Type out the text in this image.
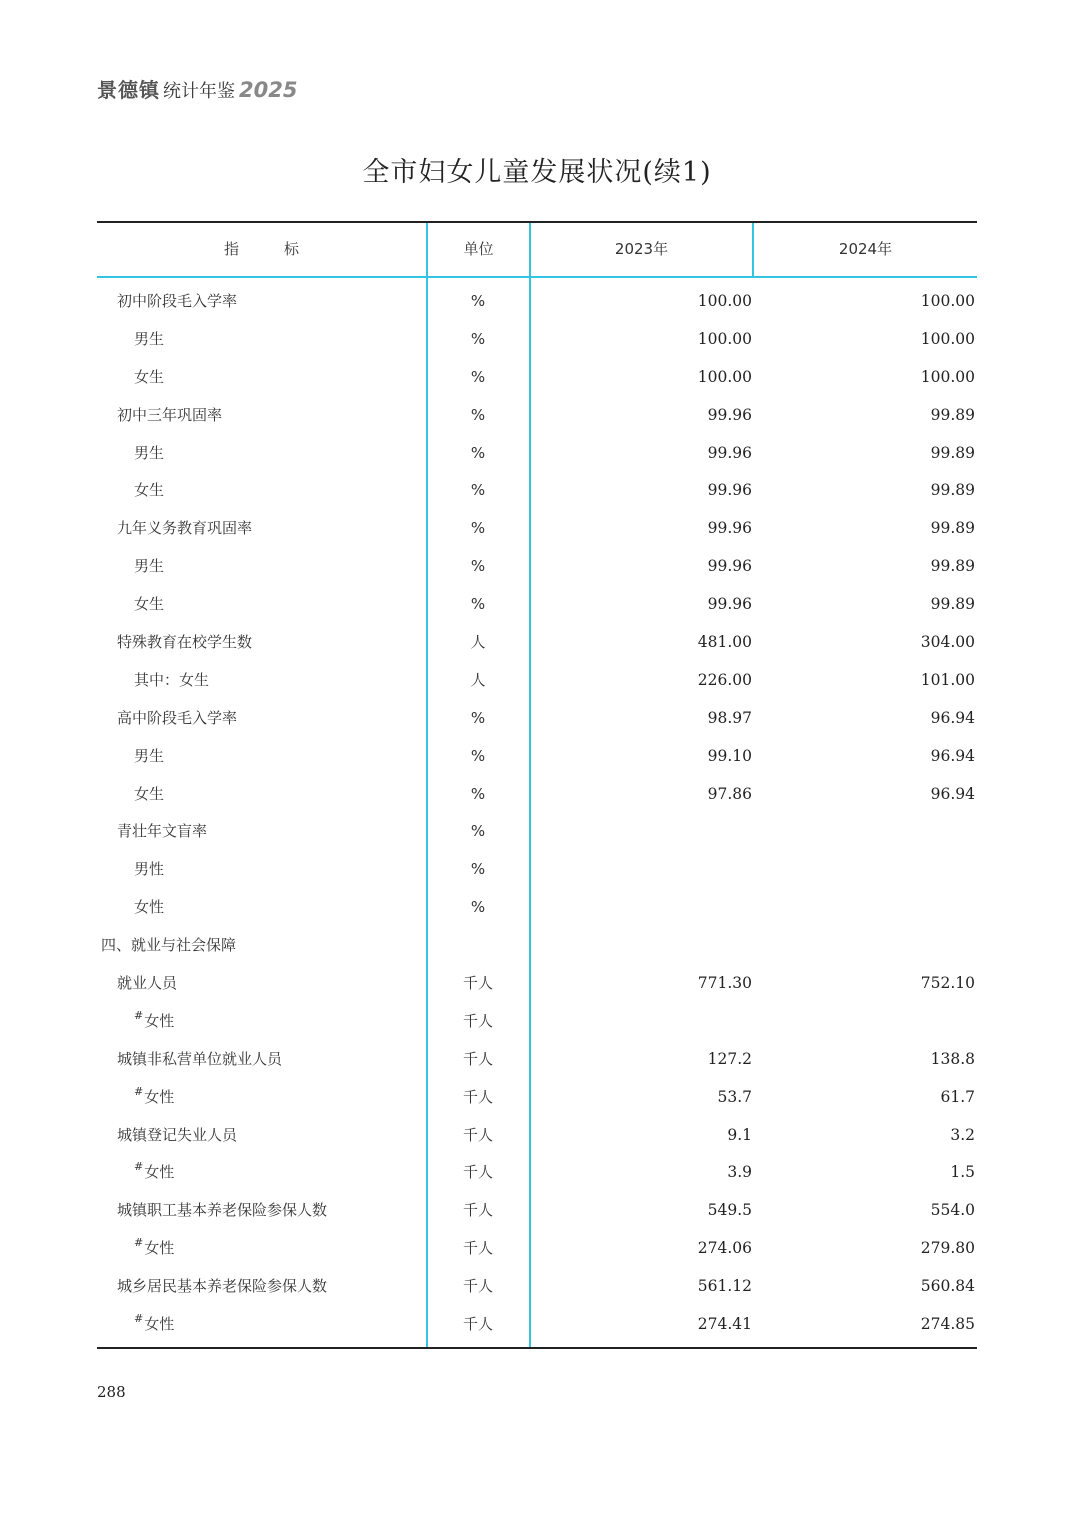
景德镇 统计年鉴 2025
全市妇女儿童发展状况(续1)
指　　　标	单位	2023年	2024年
初中阶段毛入学率	%	100.00	100.00
男生	%	100.00	100.00
女生	%	100.00	100.00
初中三年巩固率	%	99.96	99.89
男生	%	99.96	99.89
女生	%	99.96	99.89
九年义务教育巩固率	%	99.96	99.89
男生	%	99.96	99.89
女生	%	99.96	99.89
特殊教育在校学生数	人	481.00	304.00
其中：女生	人	226.00	101.00
高中阶段毛入学率	%	98.97	96.94
男生	%	99.10	96.94
女生	%	97.86	96.94
青壮年文盲率	%
男性	%
女性	%
四、就业与社会保障
就业人员	千人	771.30	752.10
#女性	千人
城镇非私营单位就业人员	千人	127.2	138.8
#女性	千人	53.7	61.7
城镇登记失业人员	千人	9.1	3.2
#女性	千人	3.9	1.5
城镇职工基本养老保险参保人数	千人	549.5	554.0
#女性	千人	274.06	279.80
城乡居民基本养老保险参保人数	千人	561.12	560.84
#女性	千人	274.41	274.85
288
